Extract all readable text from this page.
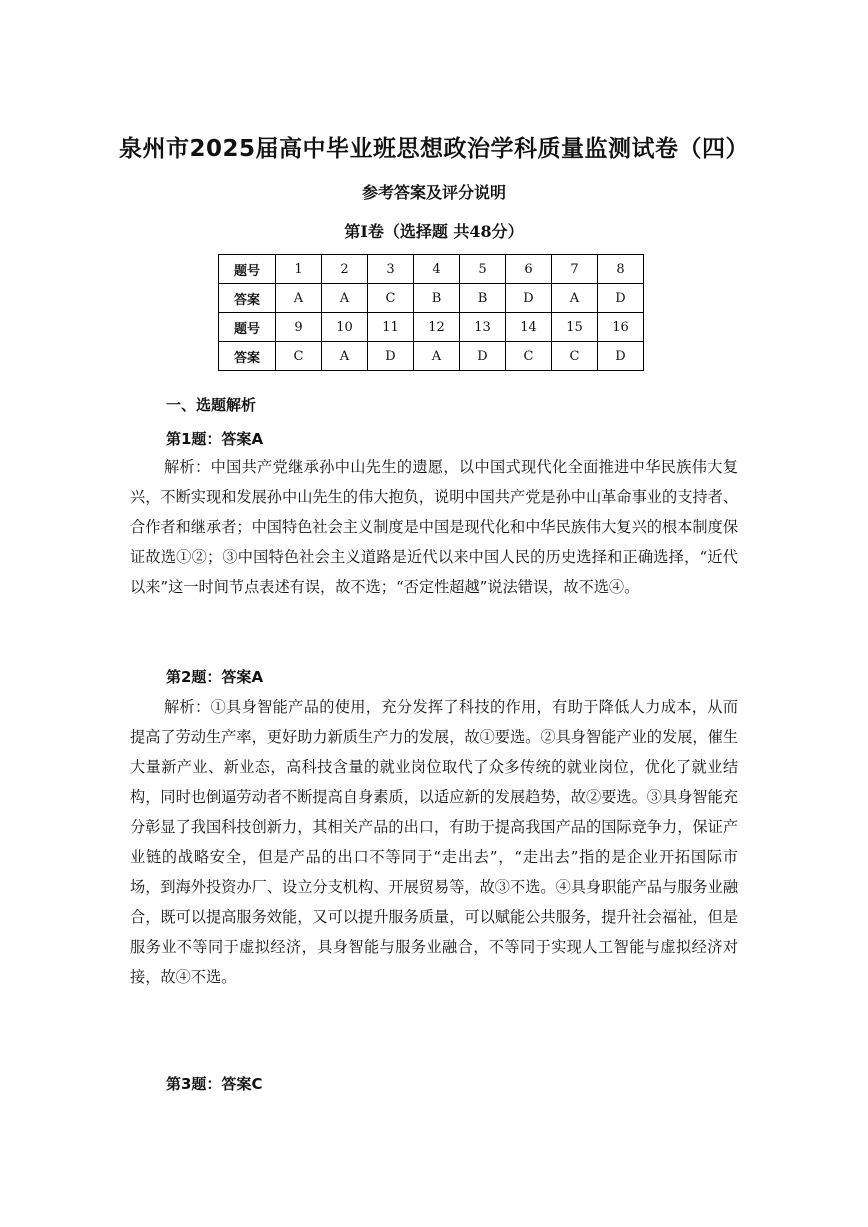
泉州市2025届高中毕业班思想政治学科质量监测试卷（四）
参考答案及评分说明
第Ⅰ卷（选择题 共48分）
题号	1	2	3	4	5	6	7	8
答案	A	A	C	B	B	D	A	D
题号	9	10	11	12	13	14	15	16
答案	C	A	D	A	D	C	C	D
一、选题解析
第1题：答案A

解析：中国共产党继承孙中山先生的遗愿，以中国式现代化全面推进中华民族伟大复兴，不断实现和发展孙中山先生的伟大抱负，说明中国共产党是孙中山革命事业的支持者、合作者和继承者；中国特色社会主义制度是中国是现代化和中华民族伟大复兴的根本制度保证故选①②；③中国特色社会主义道路是近代以来中国人民的历史选择和正确选择，“近代以来”这一时间节点表述有误，故不选；“否定性超越”说法错误，故不选④。

第2题：答案A

解析：①具身智能产品的使用，充分发挥了科技的作用，有助于降低人力成本，从而提高了劳动生产率，更好助力新质生产力的发展，故①要选。②具身智能产业的发展，催生大量新产业、新业态，高科技含量的就业岗位取代了众多传统的就业岗位，优化了就业结构，同时也倒逼劳动者不断提高自身素质，以适应新的发展趋势，故②要选。③具身智能充分彰显了我国科技创新力，其相关产品的出口，有助于提高我国产品的国际竞争力，保证产业链的战略安全，但是产品的出口不等同于“走出去”，“走出去”指的是企业开拓国际市场，到海外投资办厂、设立分支机构、开展贸易等，故③不选。④具身职能产品与服务业融合，既可以提高服务效能，又可以提升服务质量，可以赋能公共服务，提升社会福祉，但是服务业不等同于虚拟经济，具身智能与服务业融合，不等同于实现人工智能与虚拟经济对接，故④不选。

第3题：答案C
